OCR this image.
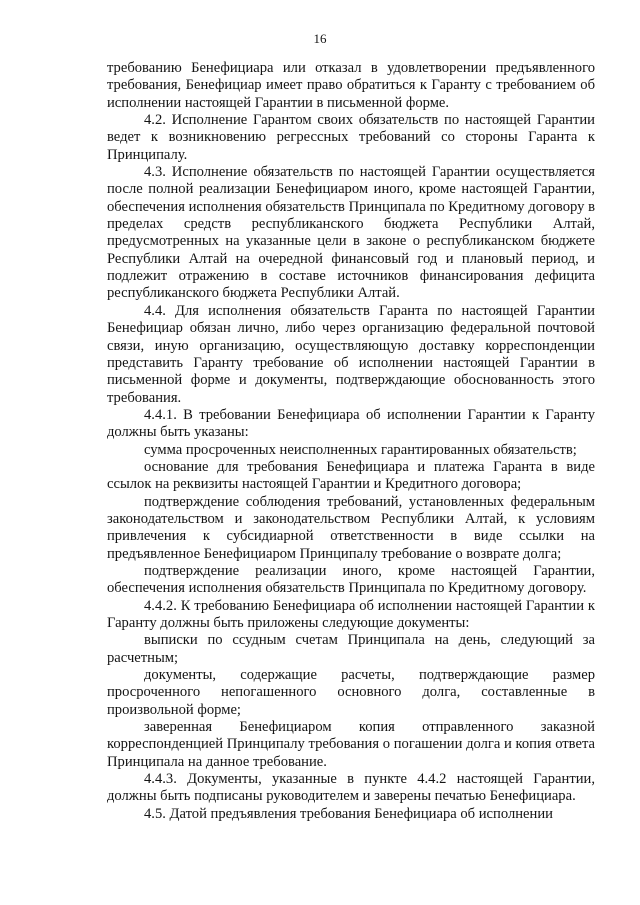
16

требованию Бенефициара или отказал в удовлетворении предъявленного требования, Бенефициар имеет право обратиться к Гаранту с требованием об исполнении настоящей Гарантии в письменной форме.

4.2. Исполнение Гарантом своих обязательств по настоящей Гарантии ведет к возникновению регрессных требований со стороны Гаранта к Принципалу.

4.3. Исполнение обязательств по настоящей Гарантии осуществляется после полной реализации Бенефициаром иного, кроме настоящей Гарантии, обеспечения исполнения обязательств Принципала по Кредитному договору в пределах средств республиканского бюджета Республики Алтай, предусмотренных на указанные цели в законе о республиканском бюджете Республики Алтай на очередной финансовый год и плановый период, и подлежит отражению в составе источников финансирования дефицита республиканского бюджета Республики Алтай.

4.4. Для исполнения обязательств Гаранта по настоящей Гарантии Бенефициар обязан лично, либо через организацию федеральной почтовой связи, иную организацию, осуществляющую доставку корреспонденции представить Гаранту требование об исполнении настоящей Гарантии в письменной форме и документы, подтверждающие обоснованность этого требования.

4.4.1. В требовании Бенефициара об исполнении Гарантии к Гаранту должны быть указаны:

сумма просроченных неисполненных гарантированных обязательств;

основание для требования Бенефициара и платежа Гаранта в виде ссылок на реквизиты настоящей Гарантии и Кредитного договора;

подтверждение соблюдения требований, установленных федеральным законодательством и законодательством Республики Алтай, к условиям привлечения к субсидиарной ответственности в виде ссылки на предъявленное Бенефициаром Принципалу требование о возврате долга;

подтверждение реализации иного, кроме настоящей Гарантии, обеспечения исполнения обязательств Принципала по Кредитному договору.

4.4.2. К требованию Бенефициара об исполнении настоящей Гарантии к Гаранту должны быть приложены следующие документы:

выписки по ссудным счетам Принципала на день, следующий за расчетным;

документы, содержащие расчеты, подтверждающие размер просроченного непогашенного основного долга, составленные в произвольной форме;

заверенная Бенефициаром копия отправленного заказной корреспонденцией Принципалу требования о погашении долга и копия ответа Принципала на данное требование.

4.4.3. Документы, указанные в пункте 4.4.2 настоящей Гарантии, должны быть подписаны руководителем и заверены печатью Бенефициара.

4.5. Датой предъявления требования Бенефициара об исполнении
